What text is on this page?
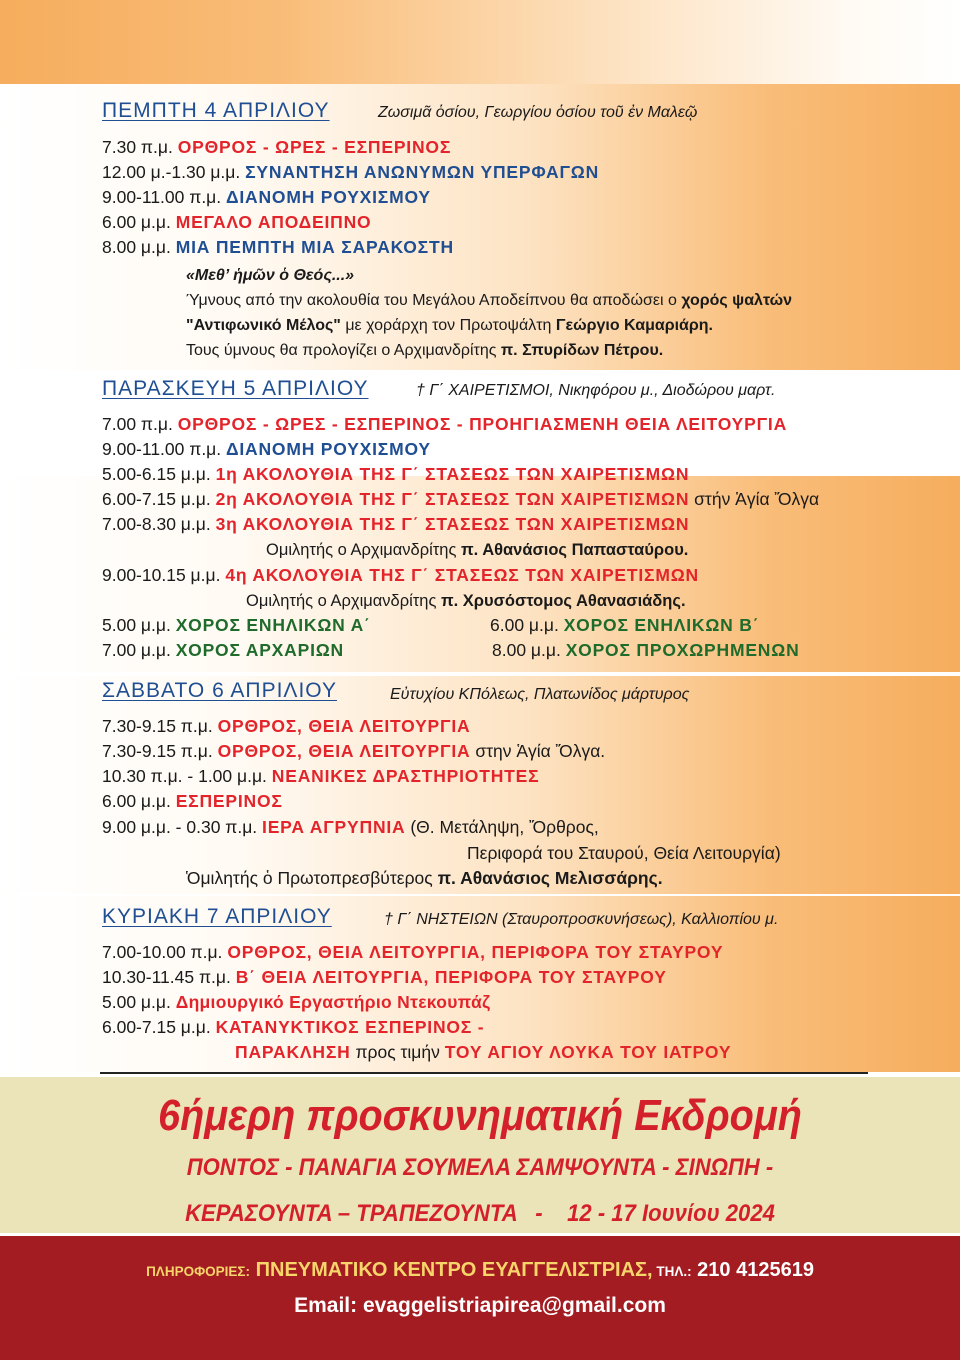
ΠΕΜΠΤΗ 4 ΑΠΡΙΛΙΟΥ	Ζωσιμᾶ ὁσίου, Γεωργίου ὁσίου τοῦ ἐν Μαλεῷ
7.30 π.μ. ΟΡΘΡΟΣ - ΩΡΕΣ - ΕΣΠΕΡΙΝΟΣ
12.00 μ.-1.30 μ.μ. ΣΥΝΑΝΤΗΣΗ ΑΝΩΝΥΜΩΝ ΥΠΕΡΦΑΓΩΝ
9.00-11.00 π.μ. ΔΙΑΝΟΜΗ ΡΟΥΧΙΣΜΟΥ
6.00 μ.μ. ΜΕΓΑΛΟ ΑΠΟΔΕΙΠΝΟ
8.00 μ.μ. ΜΙΑ ΠΕΜΠΤΗ ΜΙΑ ΣΑΡΑΚΟΣΤΗ
«Μεθ’ ἡμῶν ὁ Θεός...»
Ύμνους από την ακολουθία του Μεγάλου Αποδείπνου θα αποδώσει ο χορός ψαλτών
"Αντιφωνικό Μέλος" με χοράρχη τον Πρωτοψάλτη Γεώργιο Καμαριάρη.
Τους ύμνους θα προλογίζει ο Αρχιμανδρίτης π. Σπυρίδων Πέτρου.
ΠΑΡΑΣΚΕΥΗ 5 ΑΠΡΙΛΙΟΥ	† Γ΄ ΧΑΙΡΕΤΙΣΜΟΙ, Νικηφόρου μ., Διοδώρου μαρτ.
7.00 π.μ. ΟΡΘΡΟΣ - ΩΡΕΣ - ΕΣΠΕΡΙΝΟΣ - ΠΡΟΗΓΙΑΣΜΕΝΗ ΘΕΙΑ ΛΕΙΤΟΥΡΓΙΑ
9.00-11.00 π.μ. ΔΙΑΝΟΜΗ ΡΟΥΧΙΣΜΟΥ
5.00-6.15 μ.μ. 1η ΑΚΟΛΟΥΘΙΑ ΤΗΣ Γ΄ ΣΤΑΣΕΩΣ ΤΩΝ ΧΑΙΡΕΤΙΣΜΩΝ
6.00-7.15 μ.μ. 2η ΑΚΟΛΟΥΘΙΑ ΤΗΣ Γ΄ ΣΤΑΣΕΩΣ ΤΩΝ ΧΑΙΡΕΤΙΣΜΩΝ στήν Ἁγία Ὄλγα
7.00-8.30 μ.μ. 3η ΑΚΟΛΟΥΘΙΑ ΤΗΣ Γ΄ ΣΤΑΣΕΩΣ ΤΩΝ ΧΑΙΡΕΤΙΣΜΩΝ
Ομιλητής ο Αρχιμανδρίτης π. Αθανάσιος Παπασταύρου.
9.00-10.15 μ.μ. 4η ΑΚΟΛΟΥΘΙΑ ΤΗΣ Γ΄ ΣΤΑΣΕΩΣ ΤΩΝ ΧΑΙΡΕΤΙΣΜΩΝ
Ομιλητής ο Αρχιμανδρίτης π. Χρυσόστομος Αθανασιάδης.
5.00 μ.μ. ΧΟΡΟΣ ΕΝΗΛΙΚΩΝ Α΄	6.00 μ.μ. ΧΟΡΟΣ ΕΝΗΛΙΚΩΝ Β΄
7.00 μ.μ. ΧΟΡΟΣ ΑΡΧΑΡΙΩΝ	8.00 μ.μ. ΧΟΡΟΣ ΠΡΟΧΩΡΗΜΕΝΩΝ
ΣΑΒΒΑΤΟ 6 ΑΠΡΙΛΙΟΥ	Εὐτυχίου ΚΠόλεως, Πλατωνίδος μάρτυρος
7.30-9.15 π.μ. ΟΡΘΡΟΣ, ΘΕΙΑ ΛΕΙΤΟΥΡΓΙΑ
7.30-9.15 π.μ. ΟΡΘΡΟΣ, ΘΕΙΑ ΛΕΙΤΟΥΡΓΙΑ στην Ἁγία Ὄλγα.
10.30 π.μ. - 1.00 μ.μ. ΝΕΑΝΙΚΕΣ ΔΡΑΣΤΗΡΙΟΤΗΤΕΣ
6.00 μ.μ. ΕΣΠΕΡΙΝΟΣ
9.00 μ.μ. - 0.30 π.μ. ΙΕΡΑ ΑΓΡΥΠΝΙΑ (Θ. Μετάληψη, Ὄρθρος,
Περιφορά του Σταυρού, Θεία Λειτουργία)
Ὁμιλητής ὁ Πρωτοπρεσβύτερος π. Αθανάσιος Μελισσάρης.
ΚΥΡΙΑΚΗ 7 ΑΠΡΙΛΙΟΥ	† Γ΄ ΝΗΣΤΕΙΩΝ (Σταυροπροσκυνήσεως), Καλλιοπίου μ.
7.00-10.00 π.μ. ΟΡΘΡΟΣ, ΘΕΙΑ ΛΕΙΤΟΥΡΓΙΑ, ΠΕΡΙΦΟΡΑ ΤΟΥ ΣΤΑΥΡΟΥ
10.30-11.45 π.μ. Β΄ ΘΕΙΑ ΛΕΙΤΟΥΡΓΙΑ, ΠΕΡΙΦΟΡΑ ΤΟΥ ΣΤΑΥΡΟΥ
5.00 μ.μ. Δημιουργικό Εργαστήριο Ντεκουπάζ
6.00-7.15 μ.μ. ΚΑΤΑΝΥΚΤΙΚΟΣ ΕΣΠΕΡΙΝΟΣ -
ΠΑΡΑΚΛΗΣΗ προς τιμήν ΤΟΥ ΑΓΙΟΥ ΛΟΥΚΑ ΤΟΥ ΙΑΤΡΟΥ
6ήμερη προσκυνηματική Εκδρομή
ΠΟΝΤΟΣ - ΠΑΝΑΓΙΑ ΣΟΥΜΕΛΑ ΣΑΜΨΟΥΝΤΑ - ΣΙΝΩΠΗ -
ΚΕΡΑΣΟΥΝΤΑ – ΤΡΑΠΕΖΟΥΝΤΑ   -    12 - 17 Ιουνίου 2024
ΠΛΗΡΟΦΟΡΙΕΣ: ΠΝΕΥΜΑΤΙΚΟ ΚΕΝΤΡΟ ΕΥΑΓΓΕΛΙΣΤΡΙΑΣ, ΤΗΛ.: 210 4125619
Email: evaggelistriapirea@gmail.com
